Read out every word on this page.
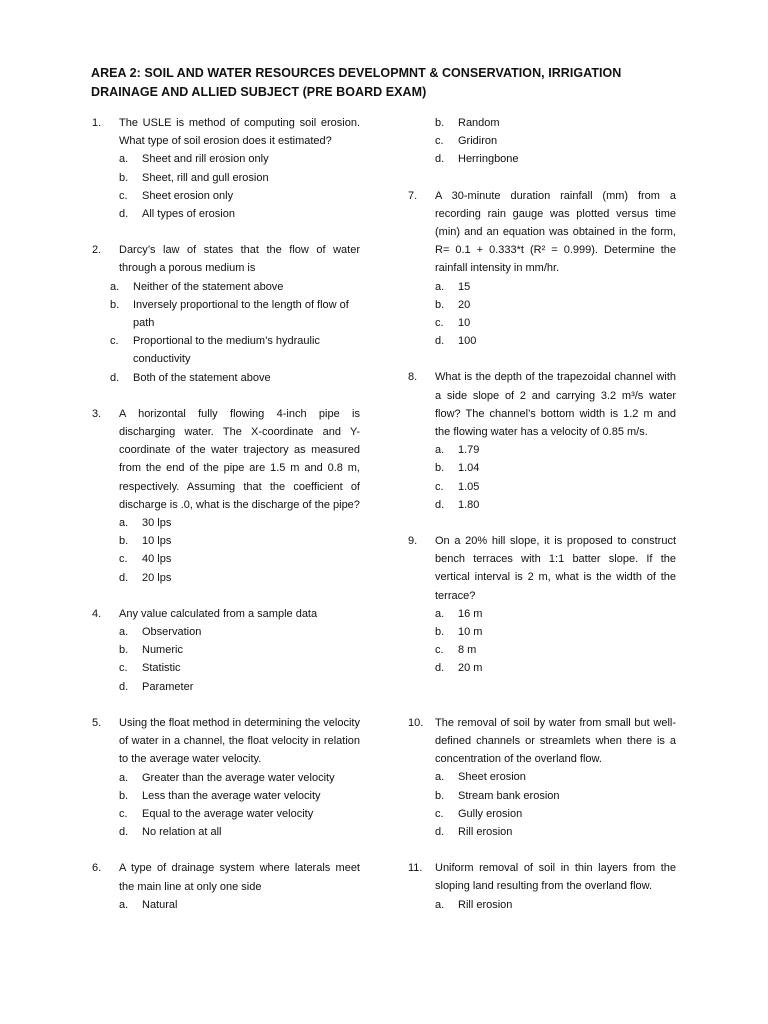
AREA 2: SOIL AND WATER RESOURCES DEVELOPMNT & CONSERVATION, IRRIGATION DRAINAGE AND ALLIED SUBJECT (PRE BOARD EXAM)
1.	The USLE is method of computing soil erosion. What type of soil erosion does it estimated?
a.	Sheet and rill erosion only
b.	Sheet, rill and gull erosion
c.	Sheet erosion only
d.	All types of erosion
2.	Darcy’s law of states that the flow of water through a porous medium is
a.	Neither of the statement above
b.	Inversely proportional to the length of flow of path
c.	Proportional to the medium’s hydraulic conductivity
d.	Both of the statement above
3.	A horizontal fully flowing 4-inch pipe is discharging water. The X-coordinate and Y-coordinate of the water trajectory as measured from the end of the pipe are 1.5 m and 0.8 m, respectively. Assuming that the coefficient of discharge is .0, what is the discharge of the pipe?
a.	30 lps
b.	10 lps
c.	40 lps
d.	20 lps
4.	Any value calculated from a sample data
a.	Observation
b.	Numeric
c.	Statistic
d.	Parameter
5.	Using the float method in determining the velocity of water in a channel, the float velocity in relation to the average water velocity.
a.	Greater than the average water velocity
b.	Less than the average water velocity
c.	Equal to the average water velocity
d.	No relation at all
6.	A type of drainage system where laterals meet the main line at only one side
a.	Natural
b.	Random
c.	Gridiron
d.	Herringbone
7.	A 30-minute duration rainfall (mm) from a recording rain gauge was plotted versus time (min) and an equation was obtained in the form, R= 0.1 + 0.333*t (R² = 0.999). Determine the rainfall intensity in mm/hr.
a.	15
b.	20
c.	10
d.	100
8.	What is the depth of the trapezoidal channel with a side slope of 2 and carrying 3.2 m³/s water flow? The channel’s bottom width is 1.2 m and the flowing water has a velocity of 0.85 m/s.
a.	1.79
b.	1.04
c.	1.05
d.	1.80
9.	On a 20% hill slope, it is proposed to construct bench terraces with 1:1 batter slope. If the vertical interval is 2 m, what is the width of the terrace?
a.	16 m
b.	10 m
c.	8 m
d.	20 m
10.	The removal of soil by water from small but well-defined channels or streamlets when there is a concentration of the overland flow.
a.	Sheet erosion
b.	Stream bank erosion
c.	Gully erosion
d.	Rill erosion
11.	Uniform removal of soil in thin layers from the sloping land resulting from the overland flow.
a.	Rill erosion
